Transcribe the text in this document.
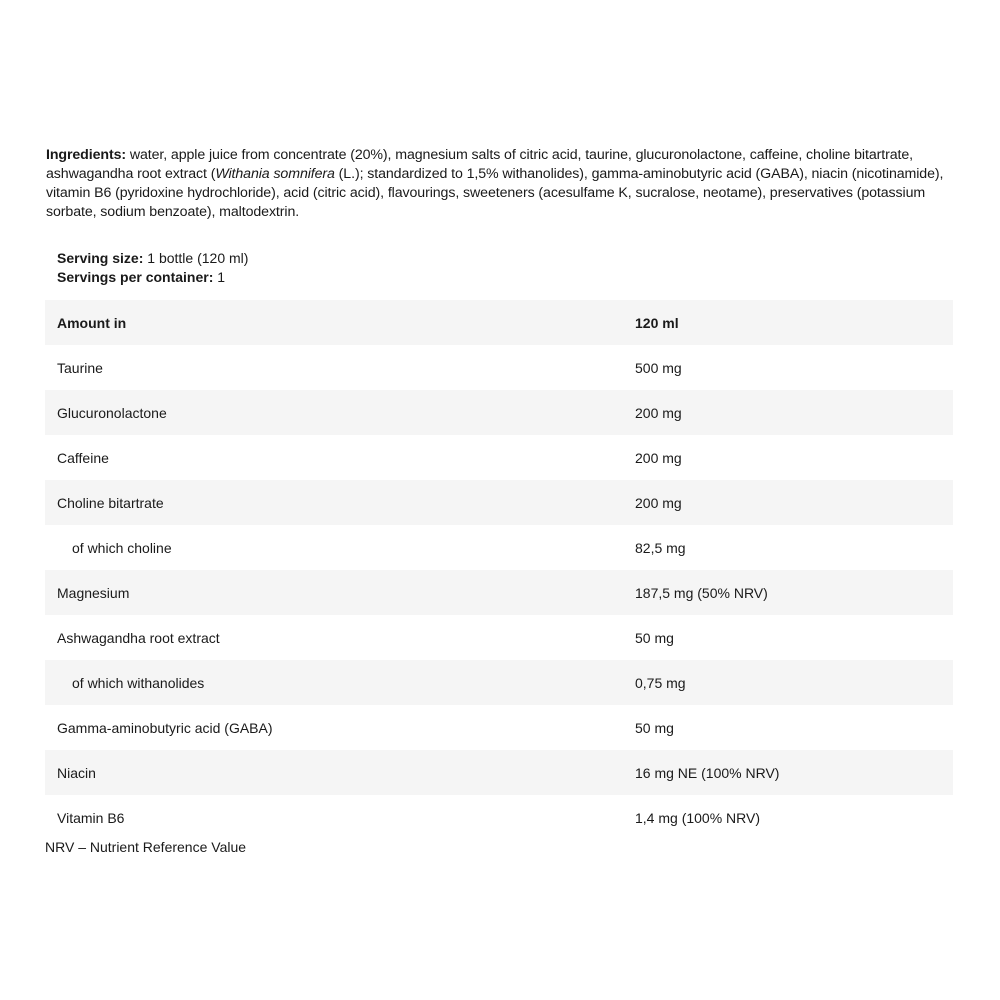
Ingredients: water, apple juice from concentrate (20%), magnesium salts of citric acid, taurine, glucuronolactone, caffeine, choline bitartrate, ashwagandha root extract (Withania somnifera (L.); standardized to 1,5% withanolides), gamma-aminobutyric acid (GABA), niacin (nicotinamide), vitamin B6 (pyridoxine hydrochloride), acid (citric acid), flavourings, sweeteners (acesulfame K, sucralose, neotame), preservatives (potassium sorbate, sodium benzoate), maltodextrin.
Serving size: 1 bottle (120 ml)
Servings per container: 1
Amount in	120 ml
Taurine	500 mg
Glucuronolactone	200 mg
Caffeine	200 mg
Choline bitartrate	200 mg
of which choline	82,5 mg
Magnesium	187,5 mg (50% NRV)
Ashwagandha root extract	50 mg
of which withanolides	0,75 mg
Gamma-aminobutyric acid (GABA)	50 mg
Niacin	16 mg NE (100% NRV)
Vitamin B6	1,4 mg (100% NRV)
NRV – Nutrient Reference Value
